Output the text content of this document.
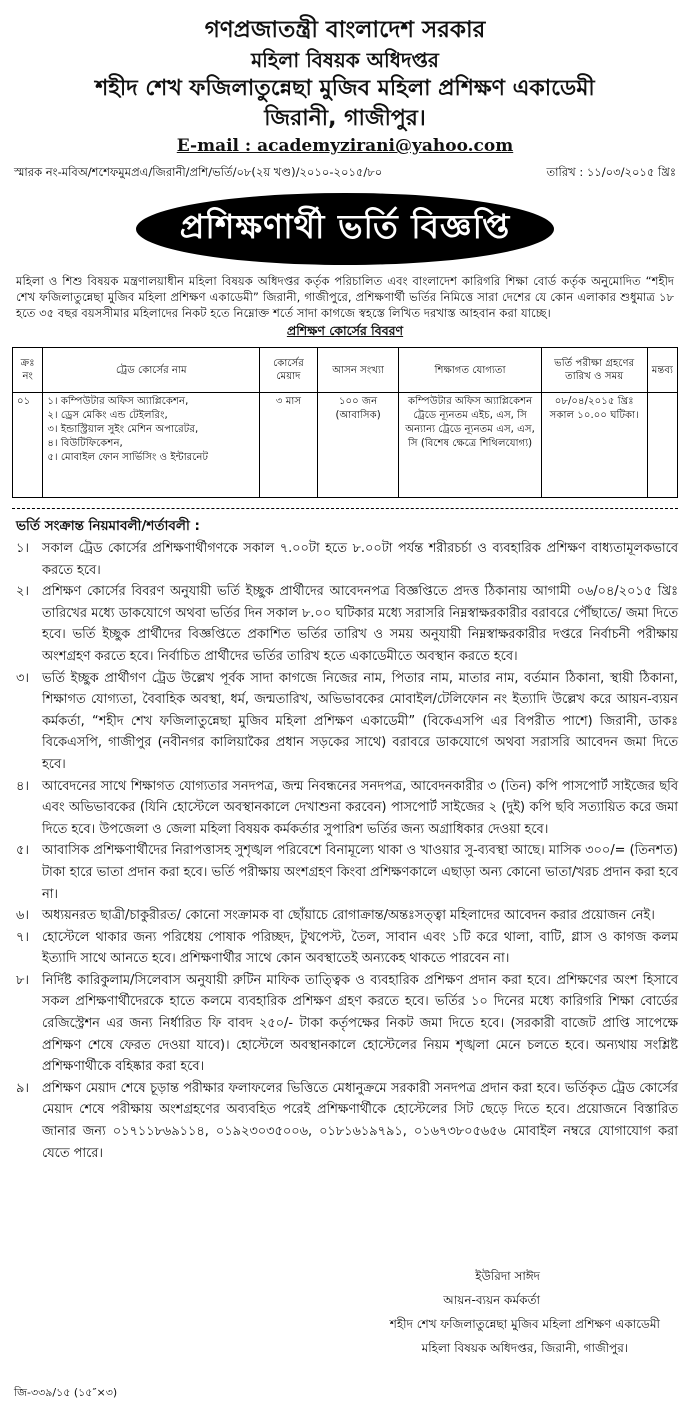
গণপ্রজাতন্ত্রী বাংলাদেশ সরকার
মহিলা বিষয়ক অধিদপ্তর
শহীদ শেখ ফজিলাতুন্নেছা মুজিব মহিলা প্রশিক্ষণ একাডেমী
জিরানী, গাজীপুর।
E-mail : academyzirani@yahoo.com
স্মারক নং-মবিঅ/শশেফমুমপ্রএ/জিরানী/প্রশি/ভর্তি/০৮(২য় খণ্ড)/২০১০-২০১৫/৮০	তারিখ : ১১/০৩/২০১৫ খ্রিঃ
প্রশিক্ষণার্থী ভর্তি বিজ্ঞপ্তি
মহিলা ও শিশু বিষয়ক মন্ত্রণালয়াধীন মহিলা বিষয়ক অধিদপ্তর কর্তৃক পরিচালিত এবং বাংলাদেশ কারিগরি শিক্ষা বোর্ড কর্তৃক অনুমোদিত “শহীদ শেখ ফজিলাতুন্নেছা মুজিব মহিলা প্রশিক্ষণ একাডেমী” জিরানী, গাজীপুরে, প্রশিক্ষণার্থী ভর্তির নিমিত্তে সারা দেশের যে কোন এলাকার শুধুমাত্র ১৮ হতে ৩৫ বছর বয়সসীমার মহিলাদের নিকট হতে নিম্নোক্ত শর্তে সাদা কাগজে স্বহস্তে লিখিত দরখাস্ত আহবান করা যাচ্ছে।
প্রশিক্ষণ কোর্সের বিবরণ
ক্রঃ নং	ট্রেড কোর্সের নাম	কোর্সের মেয়াদ	আসন সংখ্যা	শিক্ষাগত যোগ্যতা	ভর্তি পরীক্ষা গ্রহণের তারিখ ও সময়	মন্তব্য
০১	১। কম্পিউটার অফিস অ্যাপ্লিকেশন,
২। ড্রেস মেকিং এন্ড টেইলরিং,
৩। ইন্ডাস্ট্রিয়াল সুইং মেশিন অপারেটর,
৪। বিউটিফিকেশন,
৫। মোবাইল ফোন সার্ভিসিং ও ইন্টারনেট	৩ মাস	১০০ জন (আবাসিক)	কম্পিউটার অফিস অ্যাপ্লিকেশন ট্রেডে ন্যূনতম এইচ, এস, সি অন্যান্য ট্রেডে ন্যূনতম এস, এস, সি (বিশেষ ক্ষেত্রে শিথিলযোগ্য)	০৮/০৪/২০১৫ খ্রিঃ সকাল ১০.০০ ঘটিকা।	
ভর্তি সংক্রান্ত নিয়মাবলী/শর্তাবলী :
১।	সকাল ট্রেড কোর্সের প্রশিক্ষণার্থীগণকে সকাল ৭.০০টা হতে ৮.০০টা পর্যন্ত শরীরচর্চা ও ব্যবহারিক প্রশিক্ষণ বাধ্যতামূলকভাবে করতে হবে।
২।	প্রশিক্ষণ কোর্সের বিবরণ অনুযায়ী ভর্তি ইচ্ছুক প্রার্থীদের আবেদনপত্র বিজ্ঞপ্তিতে প্রদত্ত ঠিকানায় আগামী ০৬/০৪/২০১৫ খ্রিঃ তারিখের মধ্যে ডাকযোগে অথবা ভর্তির দিন সকাল ৮.০০ ঘটিকার মধ্যে সরাসরি নিম্নস্বাক্ষরকারীর বরাবরে পৌঁছাতে/ জমা দিতে হবে। ভর্তি ইচ্ছুক প্রার্থীদের বিজ্ঞপ্তিতে প্রকাশিত ভর্তির তারিখ ও সময় অনুযায়ী নিম্নস্বাক্ষরকারীর দপ্তরে নির্বাচনী পরীক্ষায় অংশগ্রহণ করতে হবে। নির্বাচিত প্রার্থীদের ভর্তির তারিখ হতে একাডেমীতে অবস্থান করতে হবে।
৩।	ভর্তি ইচ্ছুক প্রার্থীগণ ট্রেড উল্লেখ পূর্বক সাদা কাগজে নিজের নাম, পিতার নাম, মাতার নাম, বর্তমান ঠিকানা, স্থায়ী ঠিকানা, শিক্ষাগত যোগ্যতা, বৈবাহিক অবস্থা, ধর্ম, জন্মতারিখ, অভিভাবকের মোবাইল/টেলিফোন নং ইত্যাদি উল্লেখ করে আয়ন-ব্যয়ন কর্মকর্তা, “শহীদ শেখ ফজিলাতুন্নেছা মুজিব মহিলা প্রশিক্ষণ একাডেমী” (বিকেএসপি এর বিপরীত পাশে) জিরানী, ডাকঃ বিকেএসপি, গাজীপুর (নবীনগর কালিয়াকৈর প্রধান সড়কের সাথে) বরাবরে ডাকযোগে অথবা সরাসরি আবেদন জমা দিতে হবে।
৪।	আবেদনের সাথে শিক্ষাগত যোগ্যতার সনদপত্র, জন্ম নিবন্ধনের সনদপত্র, আবেদনকারীর ৩ (তিন) কপি পাসপোর্ট সাইজের ছবি এবং অভিভাবকের (যিনি হোস্টেলে অবস্থানকালে দেখাশুনা করবেন) পাসপোর্ট সাইজের ২ (দুই) কপি ছবি সত্যায়িত করে জমা দিতে হবে। উপজেলা ও জেলা মহিলা বিষয়ক কর্মকর্তার সুপারিশ ভর্তির জন্য অগ্রাধিকার দেওয়া হবে।
৫।	আবাসিক প্রশিক্ষণার্থীদের নিরাপত্তাসহ সুশৃঙ্খল পরিবেশে বিনামূল্যে থাকা ও খাওয়ার সু-ব্যবস্থা আছে। মাসিক ৩০০/= (তিনশত) টাকা হারে ভাতা প্রদান করা হবে। ভর্তি পরীক্ষায় অংশগ্রহণ কিংবা প্রশিক্ষণকালে এছাড়া অন্য কোনো ভাতা/খরচ প্রদান করা হবে না।
৬।	অধ্যয়নরত ছাত্রী/চাকুরীরত/ কোনো সংক্রামক বা ছোঁয়াচে রোগাক্রান্ত/অন্তঃসত্ত্বা মহিলাদের আবেদন করার প্রয়োজন নেই।
৭।	হোস্টেলে থাকার জন্য পরিধেয় পোষাক পরিচ্ছদ, টুথপেস্ট, তৈল, সাবান এবং ১টি করে থালা, বাটি, গ্লাস ও কাগজ কলম ইত্যাদি সাথে আনতে হবে। প্রশিক্ষণার্থীর সাথে কোন অবস্থাতেই অন্যকেহ থাকতে পারবেন না।
৮।	নির্দিষ্ট কারিকুলাম/সিলেবাস অনুযায়ী রুটিন মাফিক তাত্ত্বিক ও ব্যবহারিক প্রশিক্ষণ প্রদান করা হবে। প্রশিক্ষণের অংশ হিসাবে সকল প্রশিক্ষণার্থীদেরকে হাতে কলমে ব্যবহারিক প্রশিক্ষণ গ্রহণ করতে হবে। ভর্তির ১০ দিনের মধ্যে কারিগরি শিক্ষা বোর্ডের রেজিস্ট্রেশন এর জন্য নির্ধারিত ফি বাবদ ২৫০/- টাকা কর্তৃপক্ষের নিকট জমা দিতে হবে। (সরকারী বাজেট প্রাপ্তি সাপেক্ষে প্রশিক্ষণ শেষে ফেরত দেওয়া যাবে)। হোস্টেলে অবস্থানকালে হোস্টেলের নিয়ম শৃঙ্খলা মেনে চলতে হবে। অন্যথায় সংশ্লিষ্ট প্রশিক্ষণার্থীকে বহিষ্কার করা হবে।
৯।	প্রশিক্ষণ মেয়াদ শেষে চূড়ান্ত পরীক্ষার ফলাফলের ভিত্তিতে মেধানুক্রমে সরকারী সনদপত্র প্রদান করা হবে। ভর্তিকৃত ট্রেড কোর্সের মেয়াদ শেষে পরীক্ষায় অংশগ্রহণের অব্যবহিত পরেই প্রশিক্ষণার্থীকে হোস্টেলের সিট ছেড়ে দিতে হবে। প্রয়োজনে বিস্তারিত জানার জন্য ০১৭১১৮৬৯১১৪, ০১৯২৩০৩৫০০৬, ০১৮১৬১৯৭৯১, ০১৬৭৩৮০৫৬৫৬ মোবাইল নম্বরে যোগাযোগ করা যেতে পারে।
ইউরিদা সাঈদ
আয়ন-ব্যয়ন কর্মকর্তা
শহীদ শেখ ফজিলাতুন্নেছা মুজিব মহিলা প্রশিক্ষণ একাডেমী
মহিলা বিষয়ক অধিদপ্তর, জিরানী, গাজীপুর।
জি-৩৩৯/১৫ (১৫″×৩)
